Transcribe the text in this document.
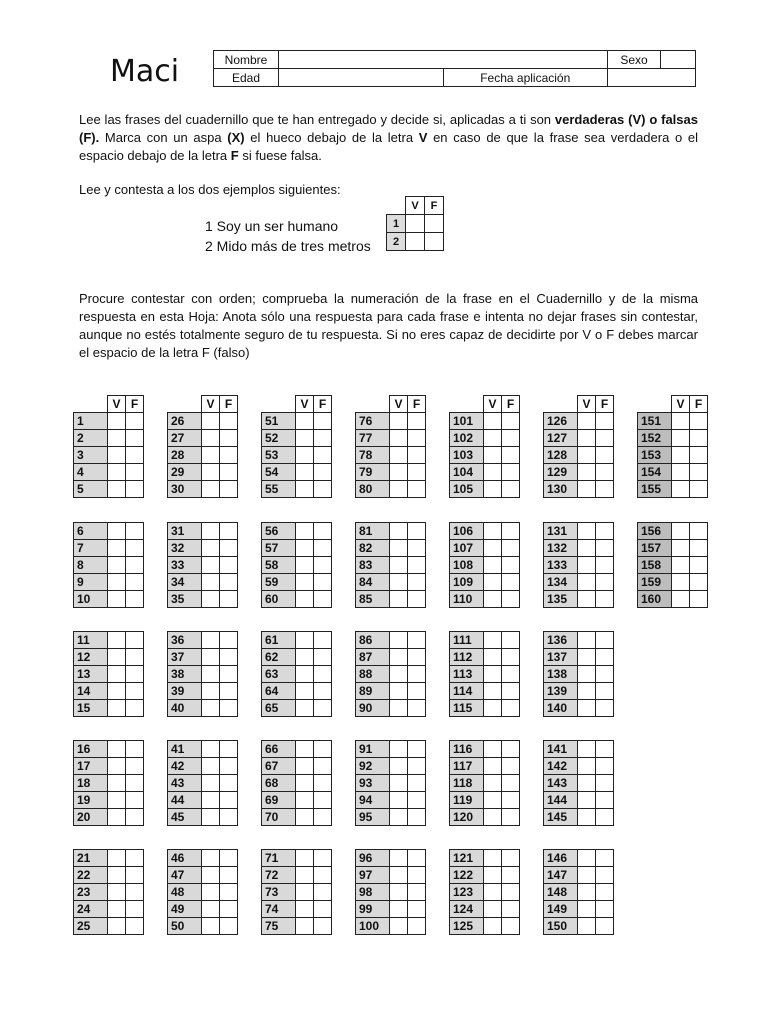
Maci	Nombre			Sexo	
Edad		Fecha aplicación		
Lee las frases del cuadernillo que te han entregado y decide si, aplicadas a ti son verdaderas (V) o falsas (F). Marca con un aspa (X) el hueco debajo de la letra V en caso de que la frase sea verdadera o el espacio debajo de la letra F si fuese falsa.
Lee y contesta a los dos ejemplos siguientes:
1 Soy un ser humano
2 Mido más de tres metros
	V	F
1		
2		
Procure contestar con orden; comprueba la numeración de la frase en el Cuadernillo y de la misma respuesta en esta Hoja: Anota sólo una respuesta para cada frase e intenta no dejar frases sin contestar, aunque no estés totalmente seguro de tu respuesta. Si no eres capaz de decidirte por V o F debes marcar el espacio de la letra F (falso)
	V	F
1		
2		
3		
4		
5		
6		
7		
8		
9		
10		
11		
12		
13		
14		
15		
16		
17		
18		
19		
20		
21		
22		
23		
24		
25		
	V	F
26		
27		
28		
29		
30		
31		
32		
33		
34		
35		
36		
37		
38		
39		
40		
41		
42		
43		
44		
45		
46		
47		
48		
49		
50		
	V	F
51		
52		
53		
54		
55		
56		
57		
58		
59		
60		
61		
62		
63		
64		
65		
66		
67		
68		
69		
70		
71		
72		
73		
74		
75		
	V	F
76		
77		
78		
79		
80		
81		
82		
83		
84		
85		
86		
87		
88		
89		
90		
91		
92		
93		
94		
95		
96		
97		
98		
99		
100		
	V	F
101		
102		
103		
104		
105		
106		
107		
108		
109		
110		
111		
112		
113		
114		
115		
116		
117		
118		
119		
120		
121		
122		
123		
124		
125		
	V	F
126		
127		
128		
129		
130		
131		
132		
133		
134		
135		
136		
137		
138		
139		
140		
141		
142		
143		
144		
145		
146		
147		
148		
149		
150		
	V	F
151		
152		
153		
154		
155		
156		
157		
158		
159		
160		
